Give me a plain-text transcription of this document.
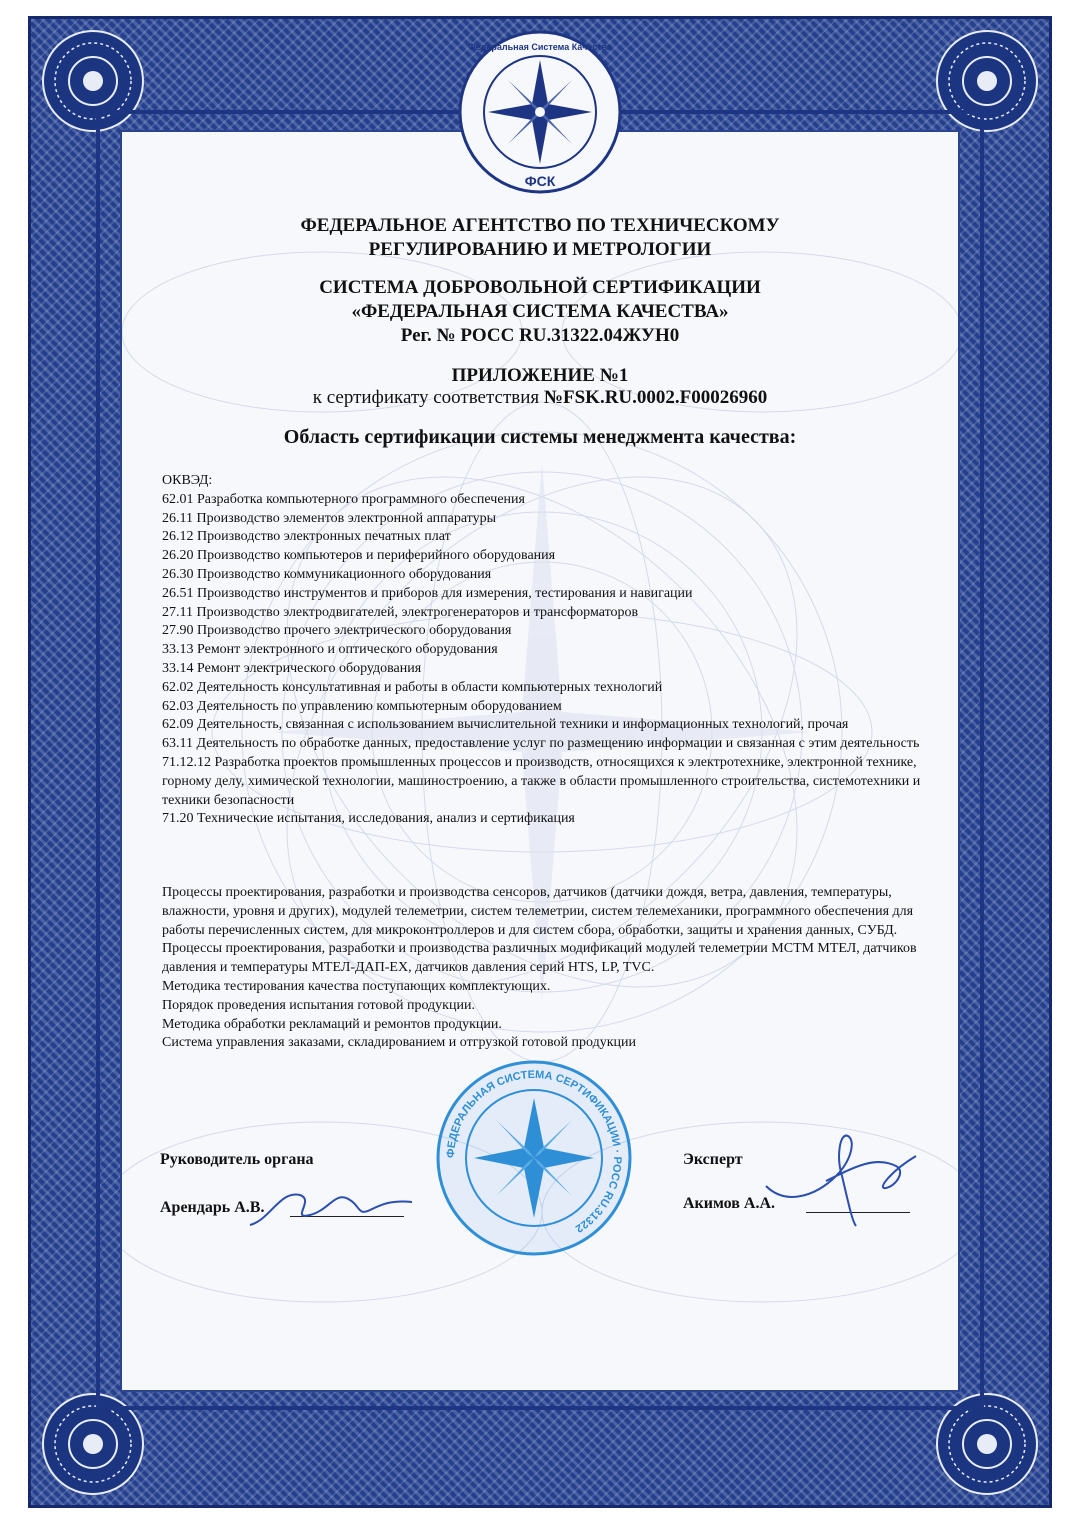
ФСК
Федеральная Система Качества
ФЕДЕРАЛЬНОЕ АГЕНТСТВО ПО ТЕХНИЧЕСКОМУ
РЕГУЛИРОВАНИЮ И МЕТРОЛОГИИ
СИСТЕМА ДОБРОВОЛЬНОЙ СЕРТИФИКАЦИИ
«ФЕДЕРАЛЬНАЯ СИСТЕМА КАЧЕСТВА»
Рег. № РОСС RU.31322.04ЖУН0
ПРИЛОЖЕНИЕ №1
к сертификату соответствия №FSK.RU.0002.F00026960
Область сертификации системы менеджмента качества:
ОКВЭД:
62.01 Разработка компьютерного программного обеспечения
26.11 Производство элементов электронной аппаратуры
26.12 Производство электронных печатных плат
26.20 Производство компьютеров и периферийного оборудования
26.30 Производство коммуникационного оборудования
26.51 Производство инструментов и приборов для измерения, тестирования и навигации
27.11 Производство электродвигателей, электрогенераторов и трансформаторов
27.90 Производство прочего электрического оборудования
33.13 Ремонт электронного и оптического оборудования
33.14 Ремонт электрического оборудования
62.02 Деятельность консультативная и работы в области компьютерных технологий
62.03 Деятельность по управлению компьютерным оборудованием
62.09 Деятельность, связанная с использованием вычислительной техники и информационных технологий, прочая
63.11 Деятельность по обработке данных, предоставление услуг по размещению информации и связанная с этим деятельность
71.12.12 Разработка проектов промышленных процессов и производств, относящихся к электротехнике, электронной технике, горному делу, химической технологии, машиностроению, а также в области промышленного строительства, системотехники и техники безопасности
71.20 Технические испытания, исследования, анализ и сертификация
Процессы проектирования, разработки и производства сенсоров, датчиков (датчики дождя, ветра, давления, температуры, влажности, уровня и других), модулей телеметрии, систем телеметрии, систем телемеханики, программного обеспечения для работы перечисленных систем, для микроконтроллеров и для систем сбора, обработки, защиты и хранения данных, СУБД.
Процессы проектирования, разработки и производства различных модификаций модулей телеметрии МСТМ МТЕЛ, датчиков давления и температуры МТЕЛ-ДАП-ЕХ, датчиков давления серий HTS, LP, TVC.
Методика тестирования качества поступающих комплектующих.
Порядок проведения испытания готовой продукции.
Методика обработки рекламаций и ремонтов продукции.
Система управления заказами, складированием и отгрузкой готовой продукции
ФЕДЕРАЛЬНАЯ СИСТЕМА СЕРТИФИКАЦИИ · РОСС RU.31322
Руководитель органа
Арендарь А.В.
Эксперт
Акимов А.А.
